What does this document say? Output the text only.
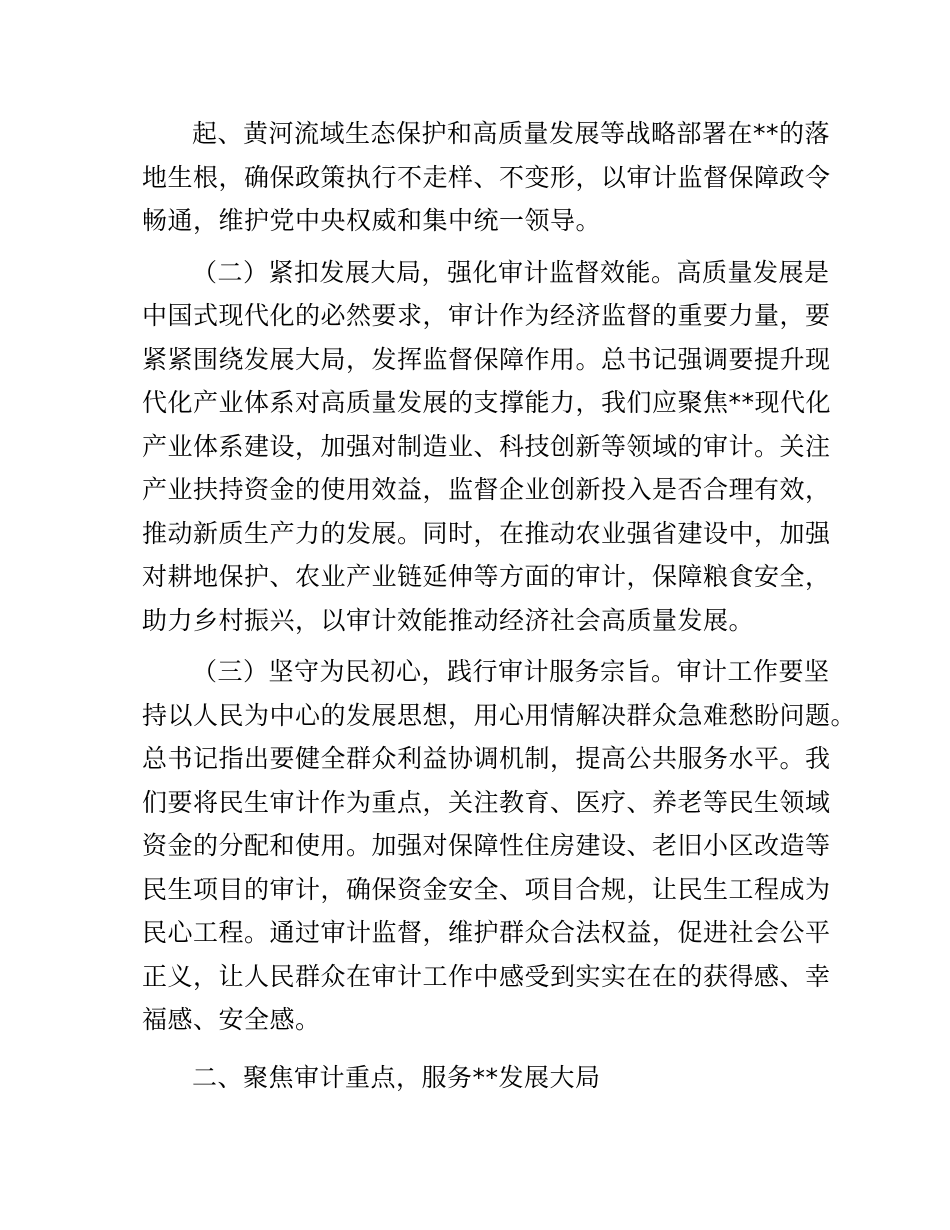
起、黄河流域生态保护和高质量发展等战略部署在**的落
地生根，确保政策执行不走样、不变形，以审计监督保障政令
畅通，维护党中央权威和集中统一领导。
（二）紧扣发展大局，强化审计监督效能。高质量发展是
中国式现代化的必然要求，审计作为经济监督的重要力量，要
紧紧围绕发展大局，发挥监督保障作用。总书记强调要提升现
代化产业体系对高质量发展的支撑能力，我们应聚焦**现代化
产业体系建设，加强对制造业、科技创新等领域的审计。关注
产业扶持资金的使用效益，监督企业创新投入是否合理有效，
推动新质生产力的发展。同时，在推动农业强省建设中，加强
对耕地保护、农业产业链延伸等方面的审计，保障粮食安全，
助力乡村振兴，以审计效能推动经济社会高质量发展。
（三）坚守为民初心，践行审计服务宗旨。审计工作要坚
持以人民为中心的发展思想，用心用情解决群众急难愁盼问题。
总书记指出要健全群众利益协调机制，提高公共服务水平。我
们要将民生审计作为重点，关注教育、医疗、养老等民生领域
资金的分配和使用。加强对保障性住房建设、老旧小区改造等
民生项目的审计，确保资金安全、项目合规，让民生工程成为
民心工程。通过审计监督，维护群众合法权益，促进社会公平
正义，让人民群众在审计工作中感受到实实在在的获得感、幸
福感、安全感。
二、聚焦审计重点，服务**发展大局
